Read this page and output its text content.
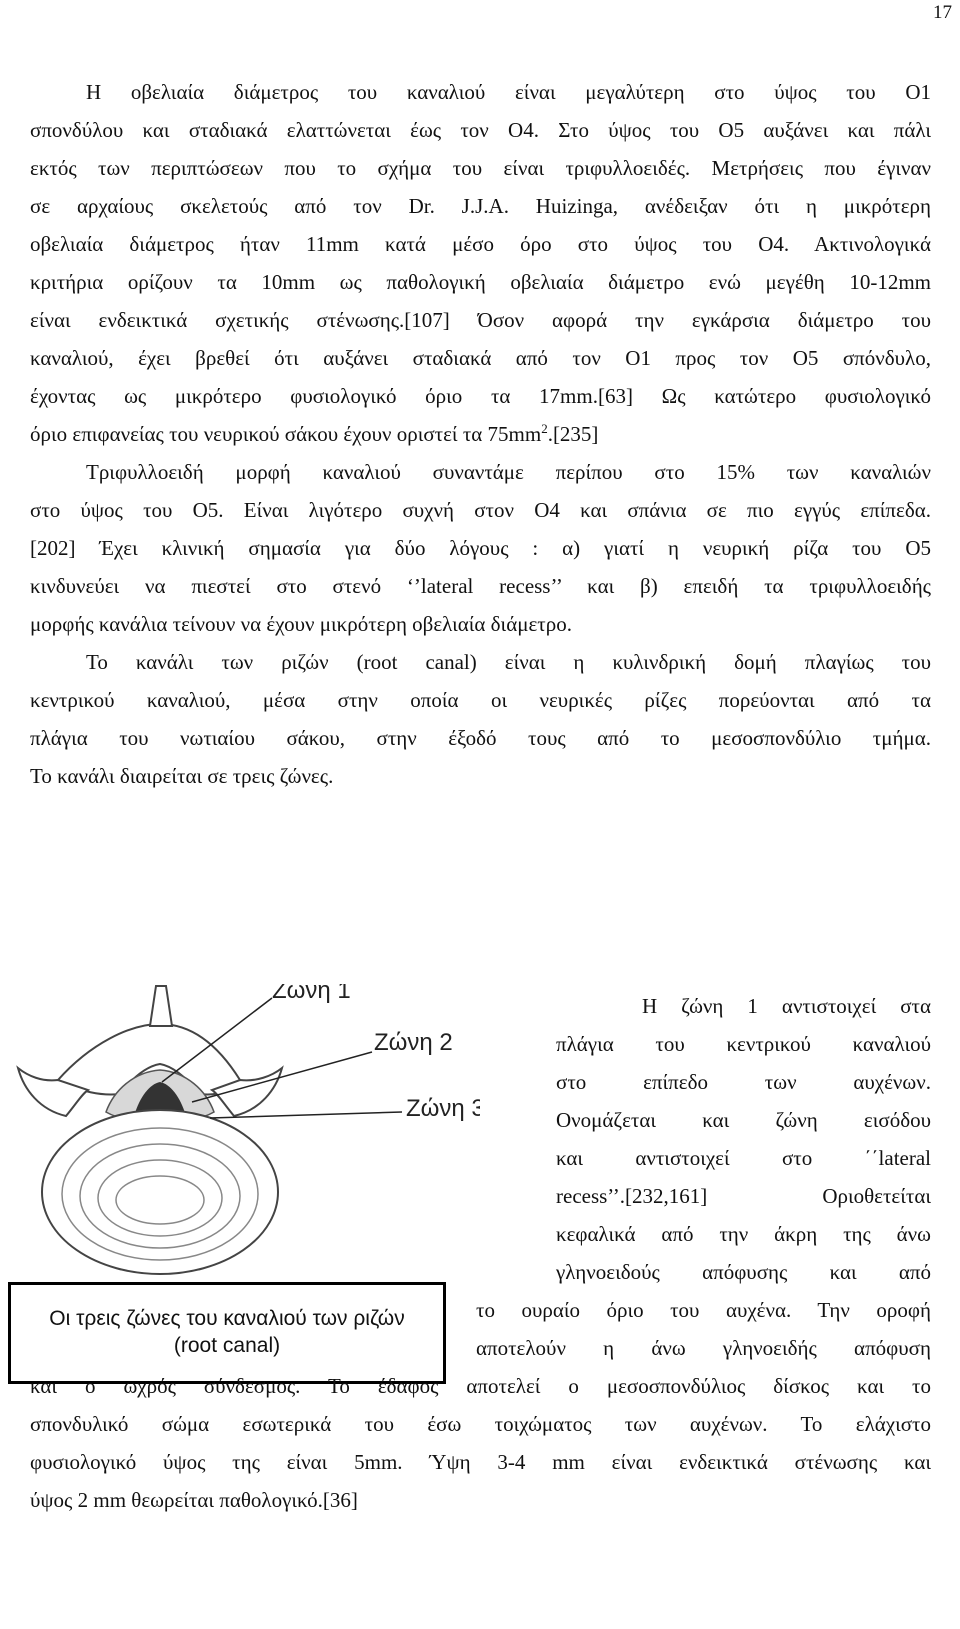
17
Η οβελιαία διάμετρος του καναλιού είναι μεγαλύτερη στο ύψος του Ο1
σπονδύλου και σταδιακά ελαττώνεται έως τον Ο4. Στο ύψος του Ο5 αυξάνει και πάλι
εκτός των περιπτώσεων που το σχήμα του είναι τριφυλλοειδές. Μετρήσεις που έγιναν
σε αρχαίους σκελετούς από τον Dr. J.J.A. Huizinga, ανέδειξαν ότι η μικρότερη
οβελιαία διάμετρος ήταν 11mm κατά μέσο όρο στο ύψος του Ο4. Ακτινολογικά
κριτήρια ορίζουν τα 10mm ως παθολογική οβελιαία διάμετρο ενώ μεγέθη 10-12mm
είναι ενδεικτικά σχετικής στένωσης.[107] Όσον αφορά την εγκάρσια διάμετρο του
καναλιού, έχει βρεθεί ότι αυξάνει σταδιακά από τον Ο1 προς τον Ο5 σπόνδυλο,
έχοντας ως μικρότερο φυσιολογικό όριο τα 17mm.[63] Ως κατώτερο φυσιολογικό
όριο επιφανείας του νευρικού σάκου έχουν οριστεί τα $75mm^2.[235]$
Τριφυλλοειδή μορφή καναλιού συναντάμε περίπου στο 15% των καναλιών
στο ύψος του Ο5. Είναι λιγότερο συχνή στον Ο4 και σπάνια σε πιο εγγύς επίπεδα.
[202] Έχει κλινική σημασία για δύο λόγους : α) γιατί η νευρική ρίζα του Ο5
κινδυνεύει να πιεστεί στο στενό ‘’lateral recess’’ και β) επειδή τα τριφυλλοειδής
μορφής κανάλια τείνουν να έχουν μικρότερη οβελιαία διάμετρο.
Το κανάλι των ριζών (root canal) είναι η κυλινδρική δομή πλαγίως του
κεντρικού καναλιού, μέσα στην οποία οι νευρικές ρίζες πορεύονται από τα
πλάγια του νωτιαίου σάκου, στην έξοδό τους από το μεσοσπονδύλιο τμήμα.
Το κανάλι διαιρείται σε τρεις ζώνες.
Ζώνη 1
Ζώνη 2
Ζώνη 3
Οι τρεις ζώνες του καναλιού των ριζών
(root canal)
Η ζώνη 1 αντιστοιχεί στα
πλάγια του κεντρικού καναλιού
στο επίπεδο των αυχένων.
Ονομάζεται και ζώνη εισόδου
και αντιστοιχεί στο ΄΄lateral
recess’’.[232,161] Οριοθετείται
κεφαλικά από την άκρη της άνω
γληνοειδούς απόφυσης και από
το ουραίο όριο του αυχένα. Την οροφή
αποτελούν η άνω γληνοειδής απόφυση
και ο ωχρός σύνδεσμος. Το έδαφος αποτελεί ο μεσοσπονδύλιος δίσκος και το
σπονδυλικό σώμα εσωτερικά του έσω τοιχώματος των αυχένων. Το ελάχιστο
φυσιολογικό ύψος της είναι 5mm. Ύψη 3-4 mm είναι ενδεικτικά στένωσης και
ύψος 2 mm θεωρείται παθολογικό.[36]
